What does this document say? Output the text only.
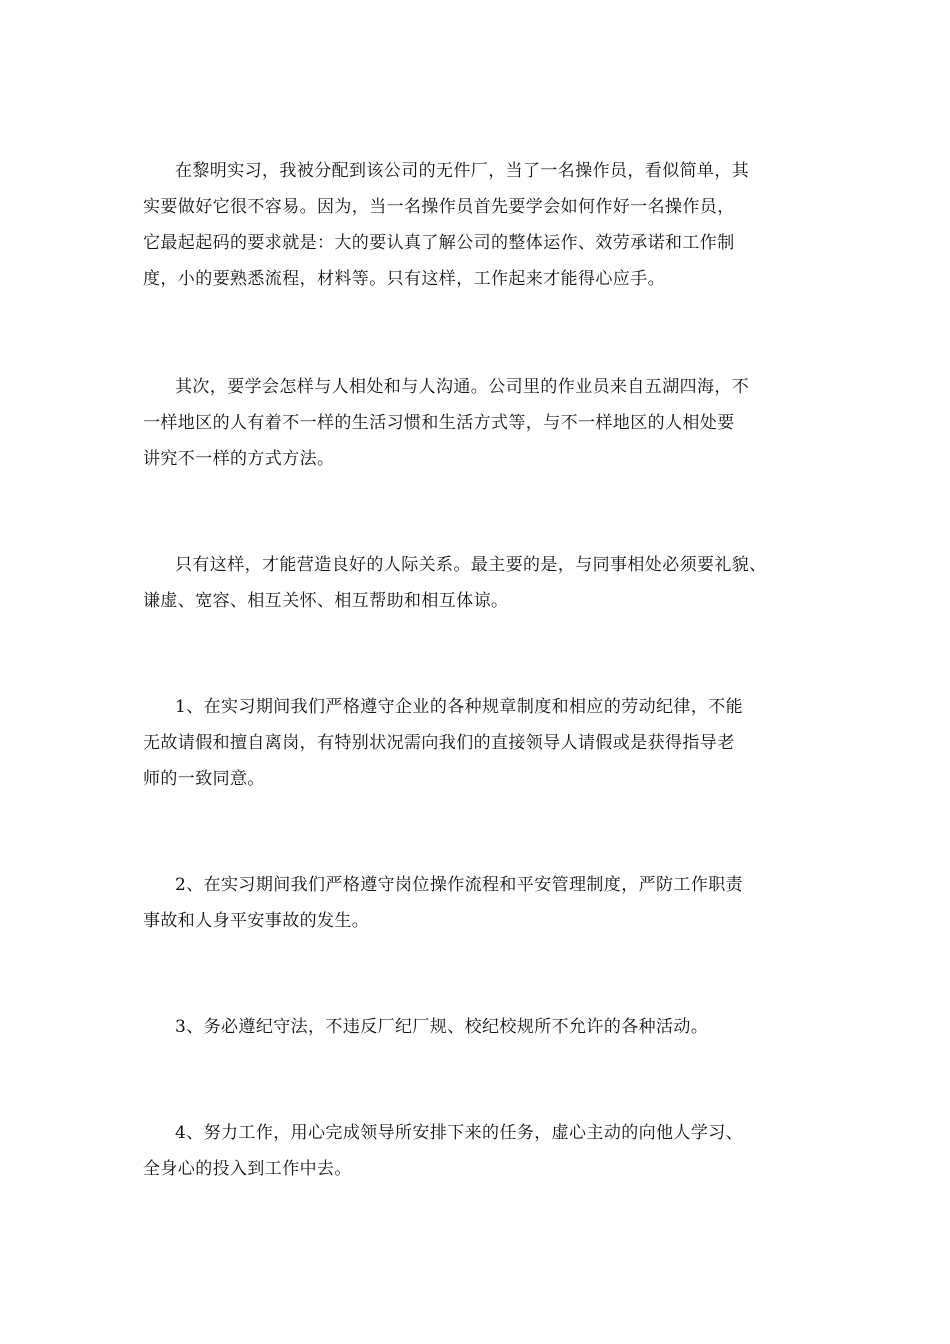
在黎明实习，我被分配到该公司的无件厂，当了一名操作员，看似简单，其
实要做好它很不容易。因为，当一名操作员首先要学会如何作好一名操作员，
它最起起码的要求就是：大的要认真了解公司的整体运作、效劳承诺和工作制
度，小的要熟悉流程，材料等。只有这样，工作起来才能得心应手。
其次，要学会怎样与人相处和与人沟通。公司里的作业员来自五湖四海，不
一样地区的人有着不一样的生活习惯和生活方式等，与不一样地区的人相处要
讲究不一样的方式方法。
只有这样，才能营造良好的人际关系。最主要的是，与同事相处必须要礼貌、
谦虚、宽容、相互关怀、相互帮助和相互体谅。
1、在实习期间我们严格遵守企业的各种规章制度和相应的劳动纪律，不能
无故请假和擅自离岗，有特别状况需向我们的直接领导人请假或是获得指导老
师的一致同意。
2、在实习期间我们严格遵守岗位操作流程和平安管理制度，严防工作职责
事故和人身平安事故的发生。
3、务必遵纪守法，不违反厂纪厂规、校纪校规所不允许的各种活动。
4、努力工作，用心完成领导所安排下来的任务，虚心主动的向他人学习、
全身心的投入到工作中去。
